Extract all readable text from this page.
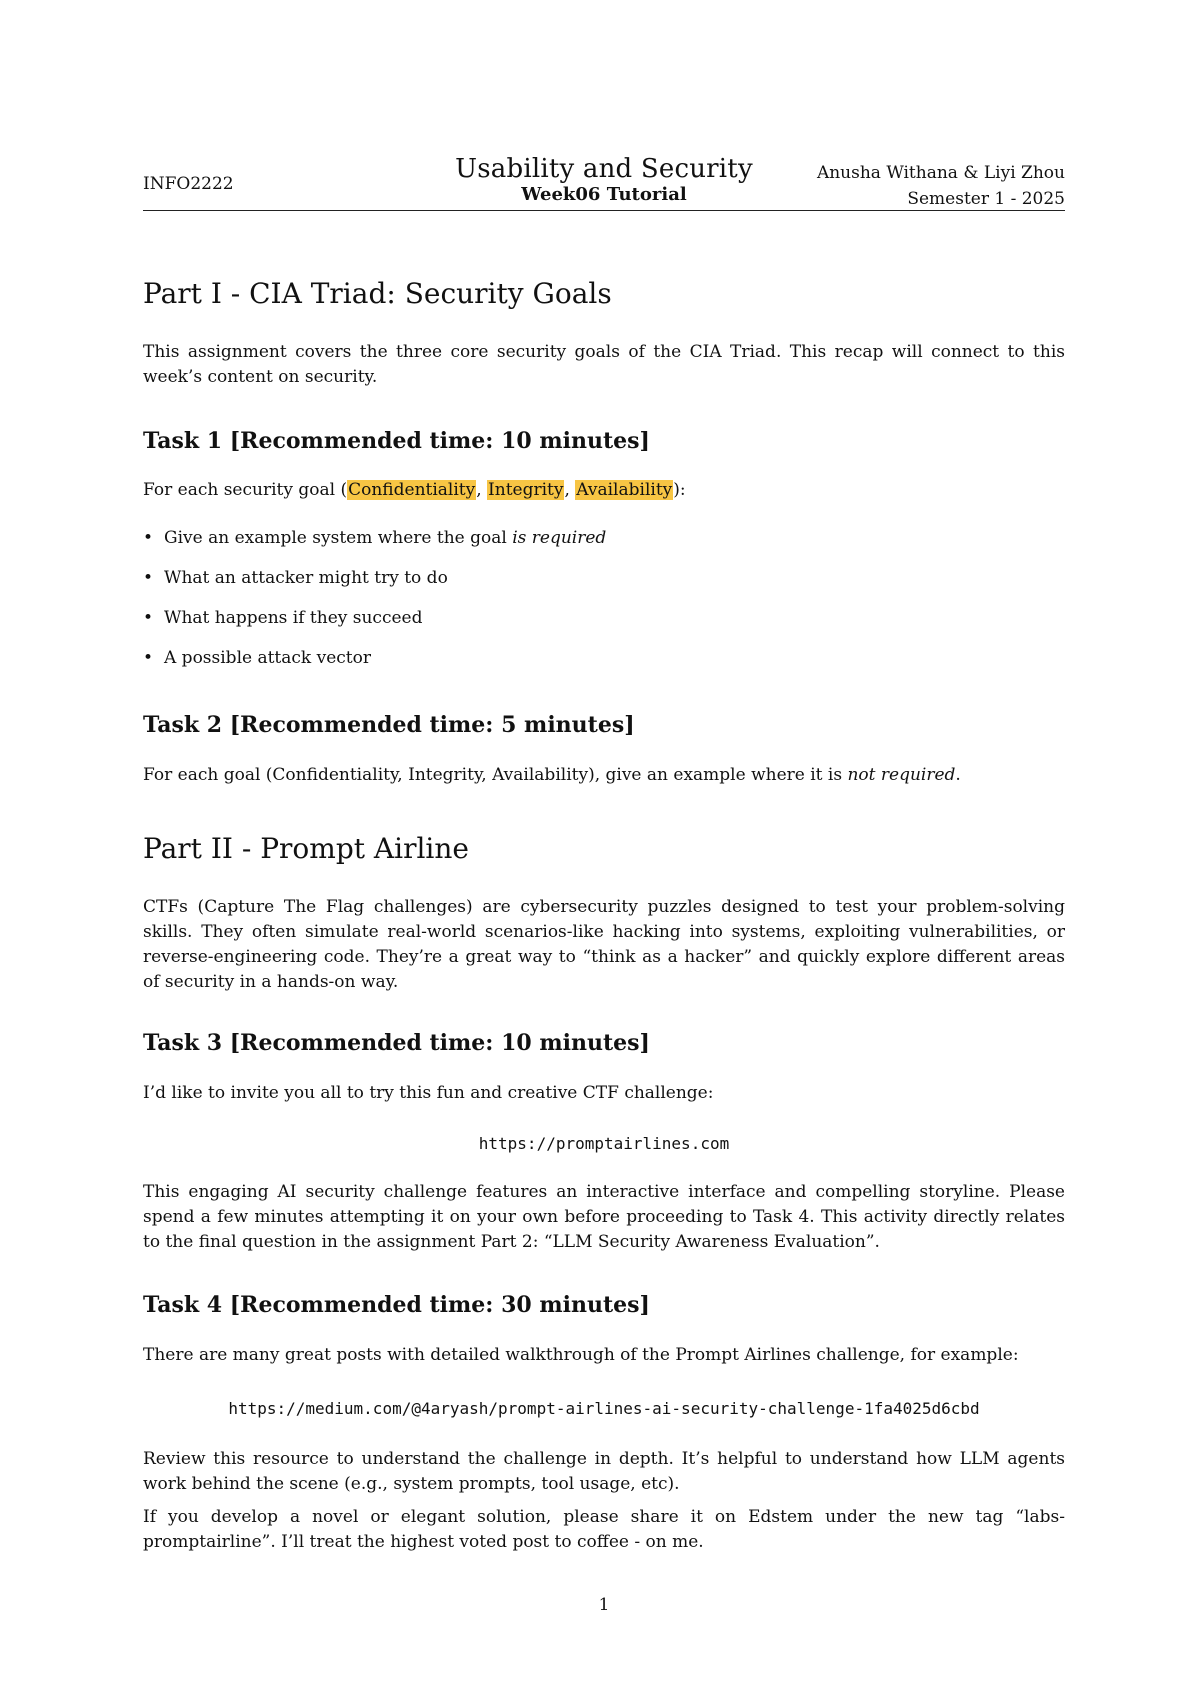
INFO2222	Usability and Security
Week06 Tutorial
Anusha Withana & Liyi Zhou
Semester 1 - 2025
Part I - CIA Triad: Security Goals
This assignment covers the three core security goals of the CIA Triad. This recap will connect to this week’s content on security.
Task 1 [Recommended time: 10 minutes]
For each security goal (Confidentiality, Integrity, Availability):
• Give an example system where the goal is required
• What an attacker might try to do
• What happens if they succeed
• A possible attack vector
Task 2 [Recommended time: 5 minutes]
For each goal (Confidentiality, Integrity, Availability), give an example where it is not required.
Part II - Prompt Airline
CTFs (Capture The Flag challenges) are cybersecurity puzzles designed to test your problem-solving skills. They often simulate real-world scenarios-like hacking into systems, exploiting vulnerabilities, or reverse-engineering code. They’re a great way to “think as a hacker” and quickly explore different areas of security in a hands-on way.
Task 3 [Recommended time: 10 minutes]
I’d like to invite you all to try this fun and creative CTF challenge:
https://promptairlines.com
This engaging AI security challenge features an interactive interface and compelling storyline. Please spend a few minutes attempting it on your own before proceeding to Task 4. This activity directly relates to the final question in the assignment Part 2: “LLM Security Awareness Evaluation”.
Task 4 [Recommended time: 30 minutes]
There are many great posts with detailed walkthrough of the Prompt Airlines challenge, for example:
https://medium.com/@4aryash/prompt-airlines-ai-security-challenge-1fa4025d6cbd
Review this resource to understand the challenge in depth. It’s helpful to understand how LLM agents work behind the scene (e.g., system prompts, tool usage, etc).
If you develop a novel or elegant solution, please share it on Edstem under the new tag “labs-promptairline”. I’ll treat the highest voted post to coffee - on me.
1
